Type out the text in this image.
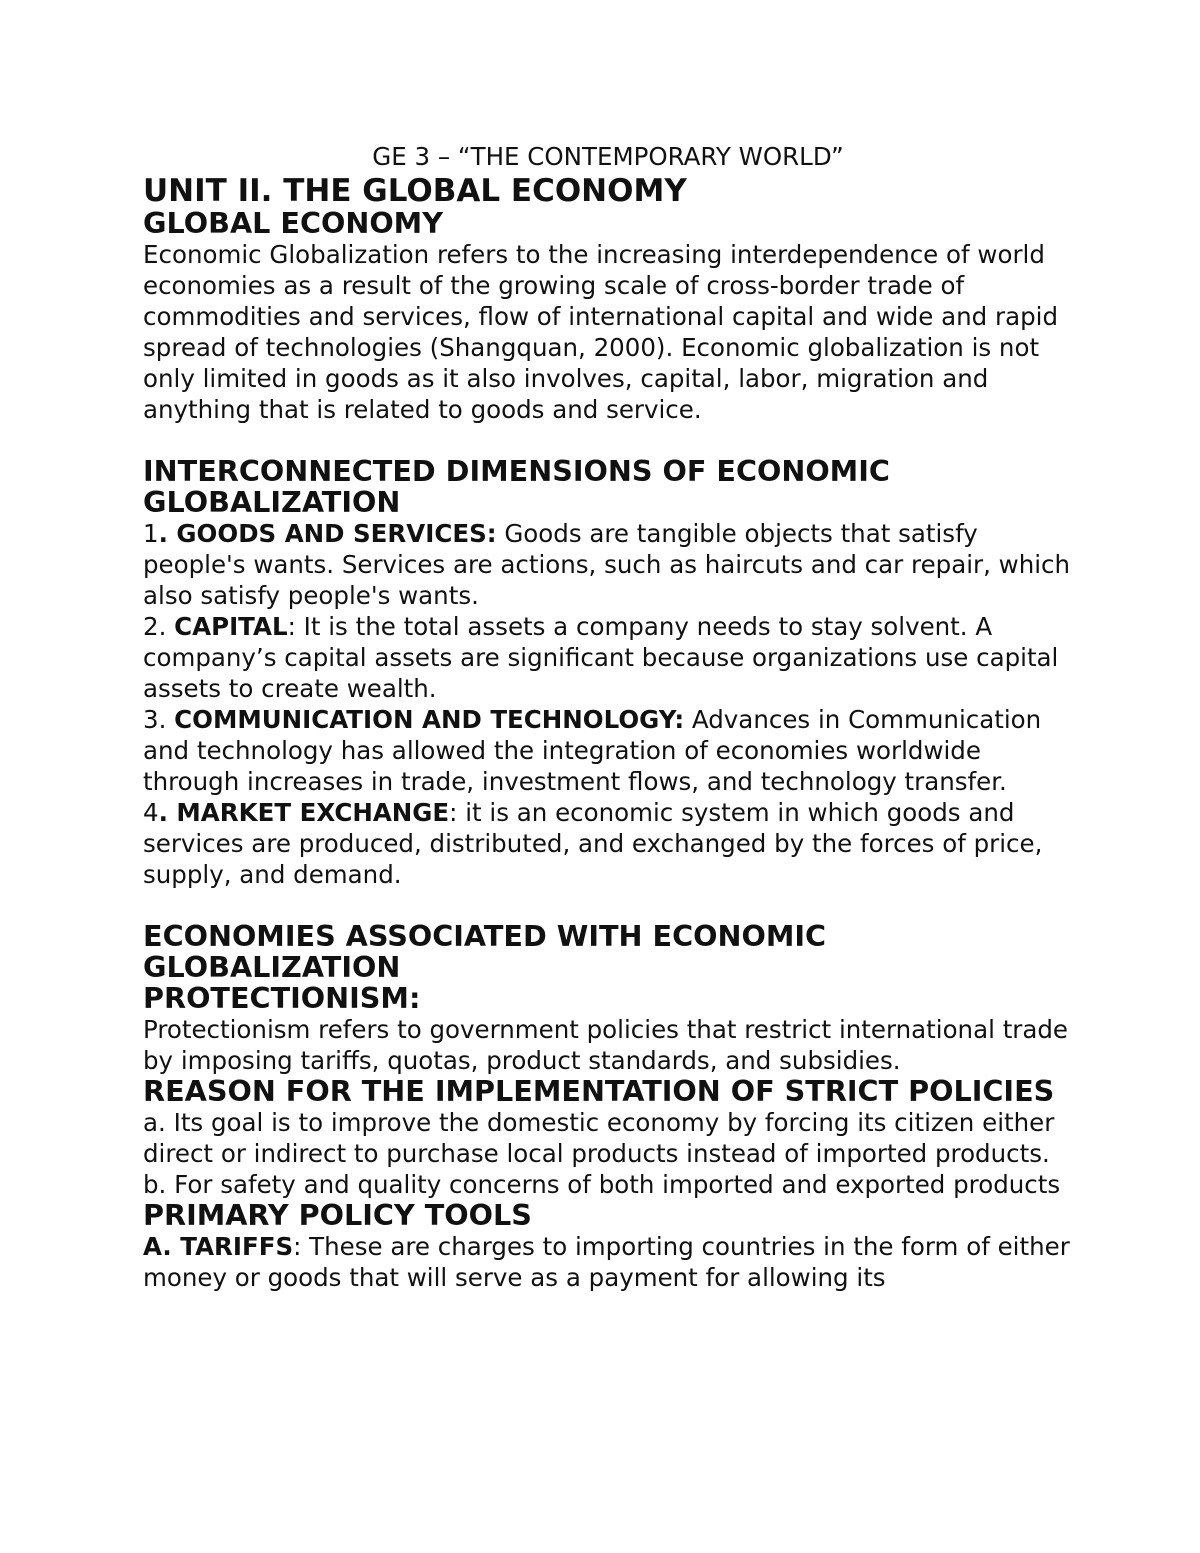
GE 3 – “THE CONTEMPORARY WORLD”
UNIT II. THE GLOBAL ECONOMY
GLOBAL ECONOMY

Economic Globalization refers to the increasing interdependence of world economies as a result of the growing scale of cross-border trade of commodities and services, flow of international capital and wide and rapid spread of technologies (Shangquan, 2000). Economic globalization is not only limited in goods as it also involves, capital, labor, migration and anything that is related to goods and service.

INTERCONNECTED DIMENSIONS OF ECONOMIC GLOBALIZATION

1. GOODS AND SERVICES: Goods are tangible objects that satisfy people's wants. Services are actions, such as haircuts and car repair, which also satisfy people's wants.

2. CAPITAL: It is the total assets a company needs to stay solvent. A company’s capital assets are significant because organizations use capital assets to create wealth.

3. COMMUNICATION AND TECHNOLOGY: Advances in Communication and technology has allowed the integration of economies worldwide through increases in trade, investment flows, and technology transfer.

4. MARKET EXCHANGE: it is an economic system in which goods and services are produced, distributed, and exchanged by the forces of price, supply, and demand.

ECONOMIES ASSOCIATED WITH ECONOMIC GLOBALIZATION
PROTECTIONISM:

Protectionism refers to government policies that restrict international trade by imposing tariffs, quotas, product standards, and subsidies.

REASON FOR THE IMPLEMENTATION OF STRICT POLICIES

a. Its goal is to improve the domestic economy by forcing its citizen either direct or indirect to purchase local products instead of imported products.

b. For safety and quality concerns of both imported and exported products

PRIMARY POLICY TOOLS

A. TARIFFS: These are charges to importing countries in the form of either money or goods that will serve as a payment for allowing its
